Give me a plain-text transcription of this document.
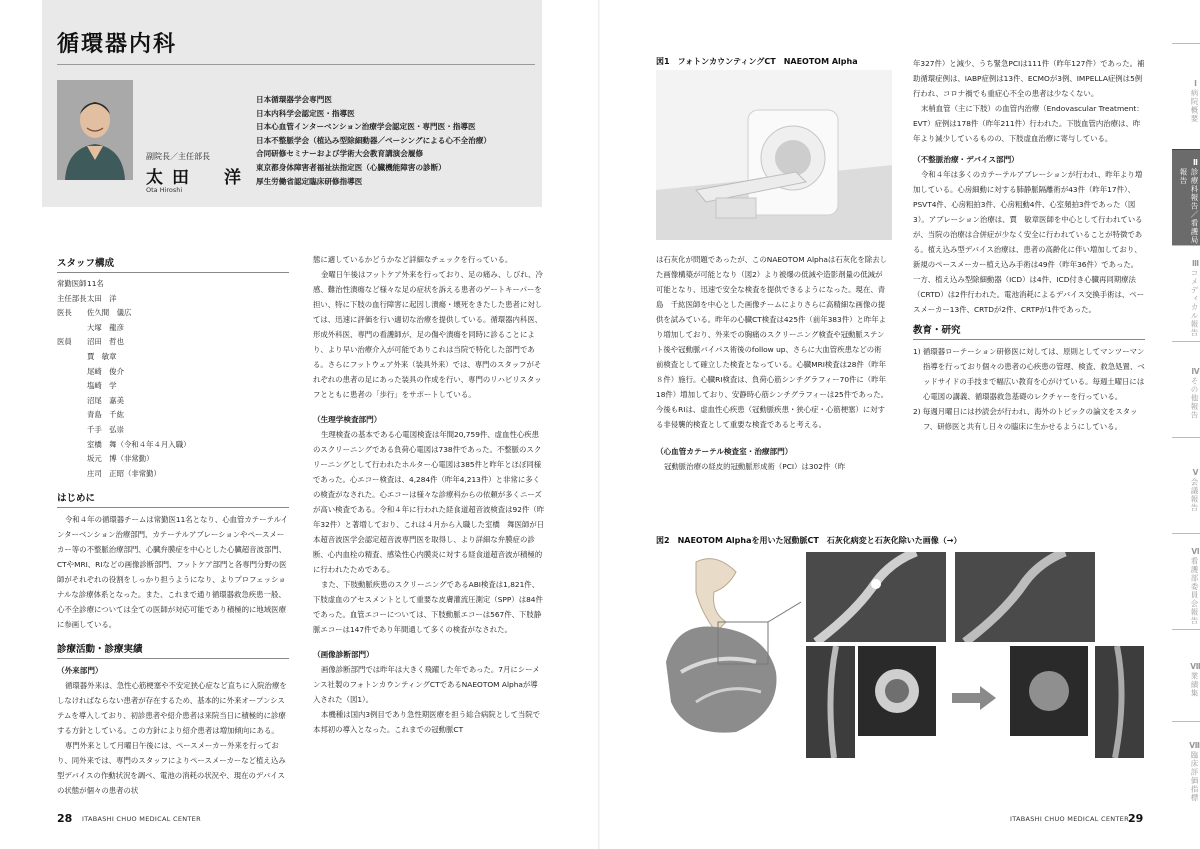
循環器内科
副院長／主任部長
太田　洋
Ota Hiroshi
日本循環器学会専門医
日本内科学会認定医・指導医
日本心血管インターベンション治療学会認定医・専門医・指導医
日本不整脈学会（植込み型除細動器／ペーシングによる心不全治療）
合同研修セミナーおよび学術大会教育講演会履修
東京都身体障害者福祉法指定医（心臓機能障害の診断）
厚生労働省認定臨床研修指導医
スタッフ構成
常勤医師 11名
主任部長 太田　洋
医長	佐久間　儀広
大塚　龍彦
医員	沼田　哲也
賈　敏章
尾崎　俊介
塩崎　学
沼尾　嘉美
青島　千紘
千手　弘崇
室橋　舞（令和４年４月入職）
坂元　博（非常勤）
庄司　正昭（非常勤）
はじめに

令和４年の循環器チームは常勤医11名となり、心血管カテーテルインターベンション治療部門、カテーテルアブレーションやペースメーカー等の不整脈治療部門、心臓弁膜症を中心とした心臓超音波部門、CTやMRI、RIなどの画像診断部門、フットケア部門と各専門分野の医師がそれぞれの役割をしっかり担うようになり、よりプロフェッショナルな診療体系となった。また、これまで通り循環器救急疾患一般、心不全診療については全ての医師が対応可能であり積極的に地域医療に参画している。

診療活動・診療実績
（外来部門）

循環器外来は、急性心筋梗塞や不安定狭心症など直ちに入院治療をしなければならない患者が存在するため、基本的に外来オープンシステムを導入しており、初診患者や紹介患者は来院当日に積極的に診療する方針としている。この方針により紹介患者は増加傾向にある。

専門外来として月曜日午後には、ペースメーカー外来を行っており、同外来では、専門のスタッフによりペースメーカーなど植え込み型デバイスの作動状況を調べ、電池の消耗の状況や、現在のデバイスの状態が個々の患者の状

態に適しているかどうかなど詳細なチェックを行っている。

金曜日午後はフットケア外来を行っており、足の痛み、しびれ、冷感、難治性潰瘍など様々な足の症状を訴える患者のゲートキーパーを担い、特に下肢の血行障害に起因し潰瘍・壊死をきたした患者に対しては、迅速に評価を行い適切な治療を提供している。循環器内科医、形成外科医、専門の看護師が、足の傷や潰瘍を同時に診ることにより、より早い治療介入が可能でありこれは当院で特化した部門である。さらにフットウェア外来（装具外来）では、専門のスタッフがそれぞれの患者の足にあった装具の作成を行い、専門のリハビリスタッフとともに患者の「歩行」をサポートしている。

（生理学検査部門）

生理検査の基本である心電図検査は年間20,759件、虚血性心疾患のスクリーニングである負荷心電図は738件であった。不整脈のスクリーニングとして行われたホルター心電図は385件と昨年とほぼ同様であった。心エコー検査は、4,284件（昨年4,213件）と非常に多くの検査がなされた。心エコーは様々な診療科からの依頼が多くニーズが高い検査である。令和４年に行われた経食道超音波検査は92件（昨年32件）と著増しており、これは４月から入職した室橋　舞医師が日本超音波医学会認定超音波専門医を取得し、より詳細な弁膜症の診断、心内血栓の精査、感染性心内膜炎に対する経食道超音波が積極的に行われたためである。

また、下肢動脈疾患のスクリーニングであるABI検査は1,821件、下肢虚血のアセスメントとして重要な皮膚灌流圧測定（SPP）は84件であった。血管エコーについては、下肢動脈エコーは567件、下肢静脈エコーは147件であり年間通して多くの検査がなされた。

（画像診断部門）

画像診断部門では昨年は大きく飛躍した年であった。7月にシーメンス社製のフォトンカウンティングCTであるNAEOTOM Alphaが導入された（図1）。

本機種は国内3例目であり急性期医療を担う総合病院として当院で本邦初の導入となった。これまでの冠動脈CT

28 ITABASHI CHUO MEDICAL CENTER
図1　フォトンカウンティングCT　NAEOTOM Alpha
は石灰化が問題であったが、このNAEOTOM Alphaは石灰化を除去した画像構築が可能となり（図2）より被爆の低減や造影剤量の低減が可能となり、迅速で安全な検査を提供できるようになった。現在、青島　千紘医師を中心とした画像チームによりさらに高精細な画像の提供を試みている。昨年の心臓CT検査は425件（前年383件）と昨年より増加しており、外来での胸痛のスクリーニング検査や冠動脈ステント後や冠動脈バイパス術後のfollow up、さらに大血管疾患などの術前検査として確立した検査となっている。心臓MRI検査は28件（昨年８件）施行。心臓RI検査は、負荷心筋シンチグラフィー70件に（昨年18件）増加しており、安静時心筋シンチグラフィーは25件であった。今後もRIは、虚血性心疾患（冠動脈疾患・狭心症・心筋梗塞）に対する非侵襲的検査として重要な検査であると考える。
（心血管カテーテル検査室・治療部門）

冠動脈治療の経皮的冠動脈形成術（PCI）は302件（昨

年327件）と減少、うち緊急PCIは111件（昨年127件）であった。補助循環症例は、IABP症例は13件、ECMOが3例、IMPELLA症例は5例行われ、コロナ禍でも重症心不全の患者は少なくない。

末梢血管（主に下肢）の血管内治療（Endovascular Treatment：EVT）症例は178件（昨年211件）行われた。下肢血管内治療は、昨年より減少しているものの、下肢虚血治療に寄与している。

（不整脈治療・デバイス部門）

令和４年は多くのカテーテルアブレーションが行われ、昨年より増加している。心房細動に対する肺静脈隔離術が43件（昨年17件）、PSVT4件、心房粗拍3件、心房粗動4件、心室頻拍3件であった（図3）。アブレーション治療は、賈　敏章医師を中心として行われているが、当院の治療は合併症が少なく安全に行われていることが特徴である。植え込み型デバイス治療は、患者の高齢化に伴い増加しており、新規のペースメーカー植え込み手術は49件（昨年36件）であった。一方、植え込み型除細動器（ICD）は4件、ICD付き心臓再同期療法（CRTD）は2件行われた。電池消耗によるデバイス交換手術は、ペースメーカー13件、CRTDが2件、CRTPが1件であった。

教育・研究
1) 循環器ローテーション研修医に対しては、原則としてマンツーマン指導を行っており個々の患者の心疾患の管理、検査、救急処置、ベッドサイドの手技まで幅広い教育を心がけている。毎週土曜日には心電図の講義、循環器救急基礎のレクチャーを行っている。
2) 毎週月曜日には抄読会が行われ、海外のトピックの論文をスタッフ、研修医と共有し日々の臨床に生かせるようにしている。
図2　NAEOTOM Alphaを用いた冠動脈CT　石灰化病変と石灰化除いた画像（→）
ITABASHI CHUO MEDICAL CENTER 29
Ⅰ
病院概要
Ⅱ
診療科報告／看護局報告
Ⅲ
コメディカル報告
Ⅳ
その他報告
Ⅴ
会議報告
Ⅵ
看護部委員会報告
Ⅶ
業績集
Ⅷ
臨床評価指標
